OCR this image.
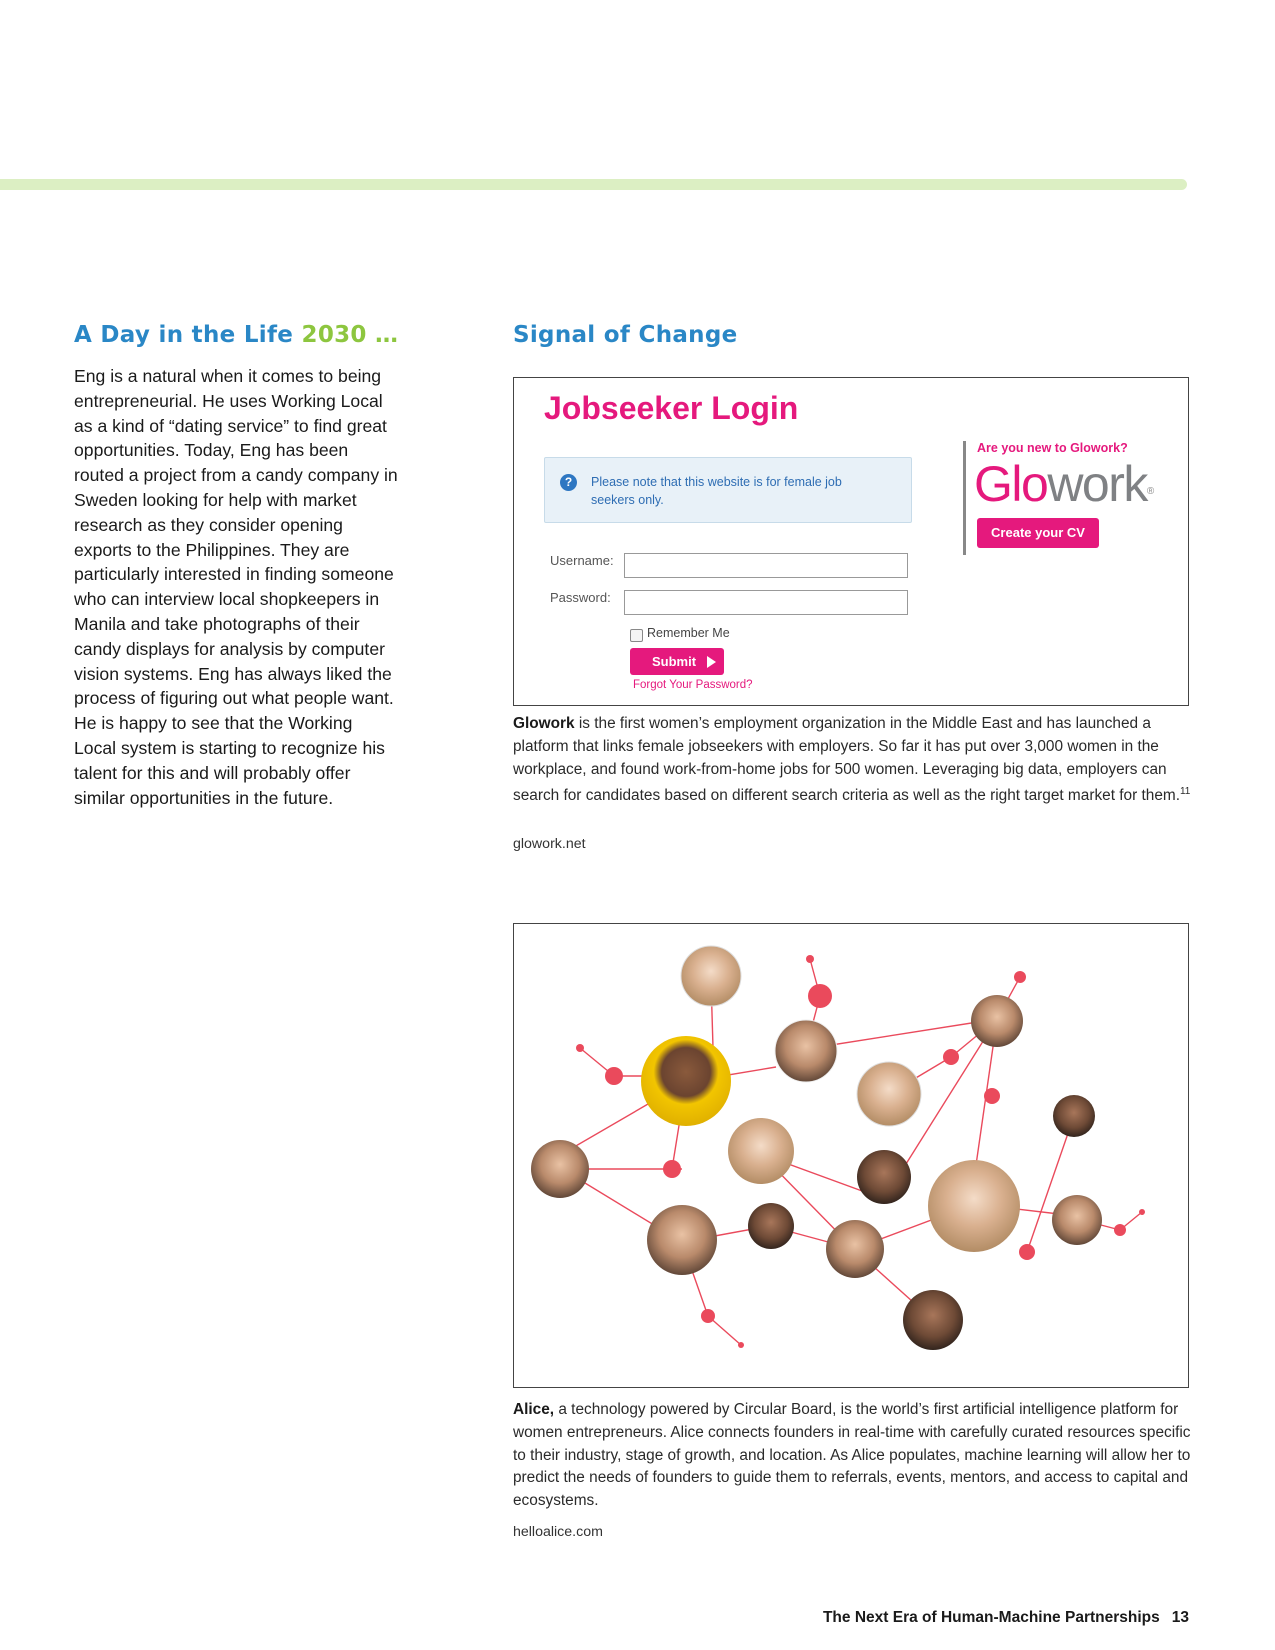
A Day in the Life 2030 …

Eng is a natural when it comes to being entrepreneurial. He uses Working Local as a kind of “dating service” to find great opportunities. Today, Eng has been routed a project from a candy company in Sweden looking for help with market research as they consider opening exports to the Philippines. They are particularly interested in finding someone who can interview local shopkeepers in Manila and take photographs of their candy displays for analysis by computer vision systems. Eng has always liked the process of figuring out what people want. He is happy to see that the Working Local system is starting to recognize his talent for this and will probably offer similar opportunities in the future.

Signal of Change
Jobseeker Login
?	Please note that this website is for female job seekers only.
Username:
Password:
Remember Me
Submit
Forgot Your Password?
Are you new to Glowork?
Glowork®
Create your CV

Glowork is the first women’s employment organization in the Middle East and has launched a platform that links female jobseekers with employers. So far it has put over 3,000 women in the workplace, and found work-from-home jobs for 500 women. Leveraging big data, employers can search for candidates based on different search criteria as well as the right target market for them.$^{11}$

glowork.net

Alice, a technology powered by Circular Board, is the world’s first artificial intelligence platform for women entrepreneurs. Alice connects founders in real-time with carefully curated resources specific to their industry, stage of growth, and location. As Alice populates, machine learning will allow her to predict the needs of founders to guide them to referrals, events, mentors, and access to capital and ecosystems.

helloalice.com
The Next Era of Human-Machine Partnerships 13
